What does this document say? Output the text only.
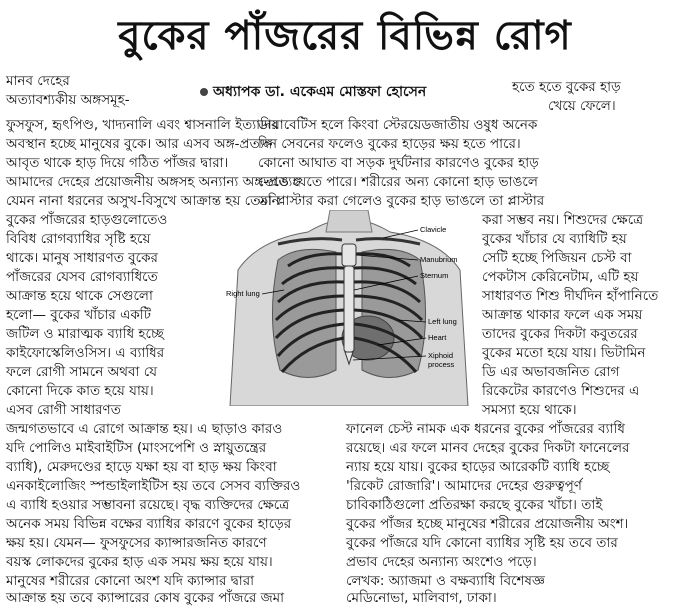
বুকের পাঁজরের বিভিন্ন রোগ
অধ্যাপক ডা. একেএম মোস্তফা হোসেন
মানব দেহের
অত্যাবশ্যকীয় অঙ্গসমূহ-
ফুসফুস, হৃৎপিণ্ড, খাদ্যনালি এবং শ্বাসনালি ইত্যাদির
অবস্থান হচ্ছে মানুষের বুকে। আর এসব অঙ্গ-প্রত্যঙ্গ
আবৃত থাকে হাড় দিয়ে গঠিত পাঁজর দ্বারা।
আমাদের দেহের প্রয়োজনীয় অঙ্গসহ অন্যান্য অঙ্গ-প্রত্যঙ্গ
যেমন নানা ধরনের অসুখ-বিসুখে আক্রান্ত হয় তেমনি
বুকের পাঁজরের হাড়গুলোতেও
বিবিধ রোগব্যাধির সৃষ্টি হয়ে
থাকে। মানুষ সাধারণত বুকের
পাঁজরের যেসব রোগব্যাধিতে
আক্রান্ত হয়ে থাকে সেগুলো
হলো— বুকের খাঁচার একটি
জটিল ও মারাত্মক ব্যাধি হচ্ছে
কাইফোস্কেলিওসিস। এ ব্যাধির
ফলে রোগী সামনে অথবা যে
কোনো দিকে কাত হয়ে যায়।
এসব রোগী সাধারণত
জন্মগতভাবে এ রোগে আক্রান্ত হয়। এ ছাড়াও কারও
যদি পোলিও মাইবাইটিস (মাংসপেশি ও স্নায়ুতন্ত্রের
ব্যাধি), মেরুদণ্ডের হাড়ে যক্ষা হয় বা হাড় ক্ষয় কিংবা
এনকাইলোজিং স্পন্ডাইলাইটিস হয় তবে সেসব ব্যক্তিরও
এ ব্যাধি হওয়ার সম্ভাবনা রয়েছে। বৃদ্ধ ব্যক্তিদের ক্ষেত্রে
অনেক সময় বিভিন্ন বক্ষের ব্যাধির কারণে বুকের হাড়ের
ক্ষয় হয়। যেমন— ফুসফুসের ক্যান্সারজনিত কারণে
বয়স্ক লোকদের বুকের হাড় এক সময় ক্ষয় হয়ে যায়।
মানুষের শরীরের কোনো অংশ যদি ক্যান্সার দ্বারা
আক্রান্ত হয় তবে ক্যান্সারের কোষ বুকের পাঁজরে জমা
ডায়াবেটিস হলে কিংবা স্টেরয়েডজাতীয় ওষুধ অনেক
দিন সেবনের ফলেও বুকের হাড়ের ক্ষয় হতে পারে।
কোনো আঘাত বা সড়ক দুর্ঘটনার কারণেও বুকের হাড়
ভেঙে যেতে পারে। শরীরের অন্য কোনো হাড় ভাঙলে
তা প্লাস্টার করা গেলেও বুকের হাড় ভাঙলে তা প্লাস্টার
হতে হতে বুকের হাড়
খেয়ে ফেলে।
করা সম্ভব নয়। শিশুদের ক্ষেত্রে
বুকের খাঁচার যে ব্যাধিটি হয়
সেটি হচ্ছে পিজিয়ন চেস্ট বা
পেকটাস কেরিনেটাম, এটি হয়
সাধারণত শিশু দীর্ঘদিন হাঁপানিতে
আক্রান্ত থাকার ফলে এক সময়
তাদের বুকের দিকটা কবুতরের
বুকের মতো হয়ে যায়। ভিটামিন
ডি এর অভাবজনিত রোগ
রিকেটের কারণেও শিশুদের এ
সমস্যা হয়ে থাকে।
ফানেল চেস্ট নামক এক ধরনের বুকের পাঁজরের ব্যাধি
রয়েছে। এর ফলে মানব দেহের বুকের দিকটা ফানেলের
ন্যায় হয়ে যায়। বুকের হাড়ের আরেকটি ব্যাধি হচ্ছে
'রিকেট রোজারি'। আমাদের দেহের গুরুত্বপূর্ণ
চাবিকাঠিগুলো প্রতিরক্ষা করছে বুকের খাঁচা। তাই
বুকের পাঁজর হচ্ছে মানুষের শরীরের প্রয়োজনীয় অংশ।
বুকের পাঁজরে যদি কোনো ব্যাধির সৃষ্টি হয় তবে তার
প্রভাব দেহের অন্যান্য অংশেও পড়ে।
লেখক: অ্যাজমা ও বক্ষব্যাধি বিশেষজ্ঞ
মেডিনোভা, মালিবাগ, ঢাকা।
Clavicle
Right lung
Manubrium
Sternum
Left lung
Heart
Xiphoid
process
